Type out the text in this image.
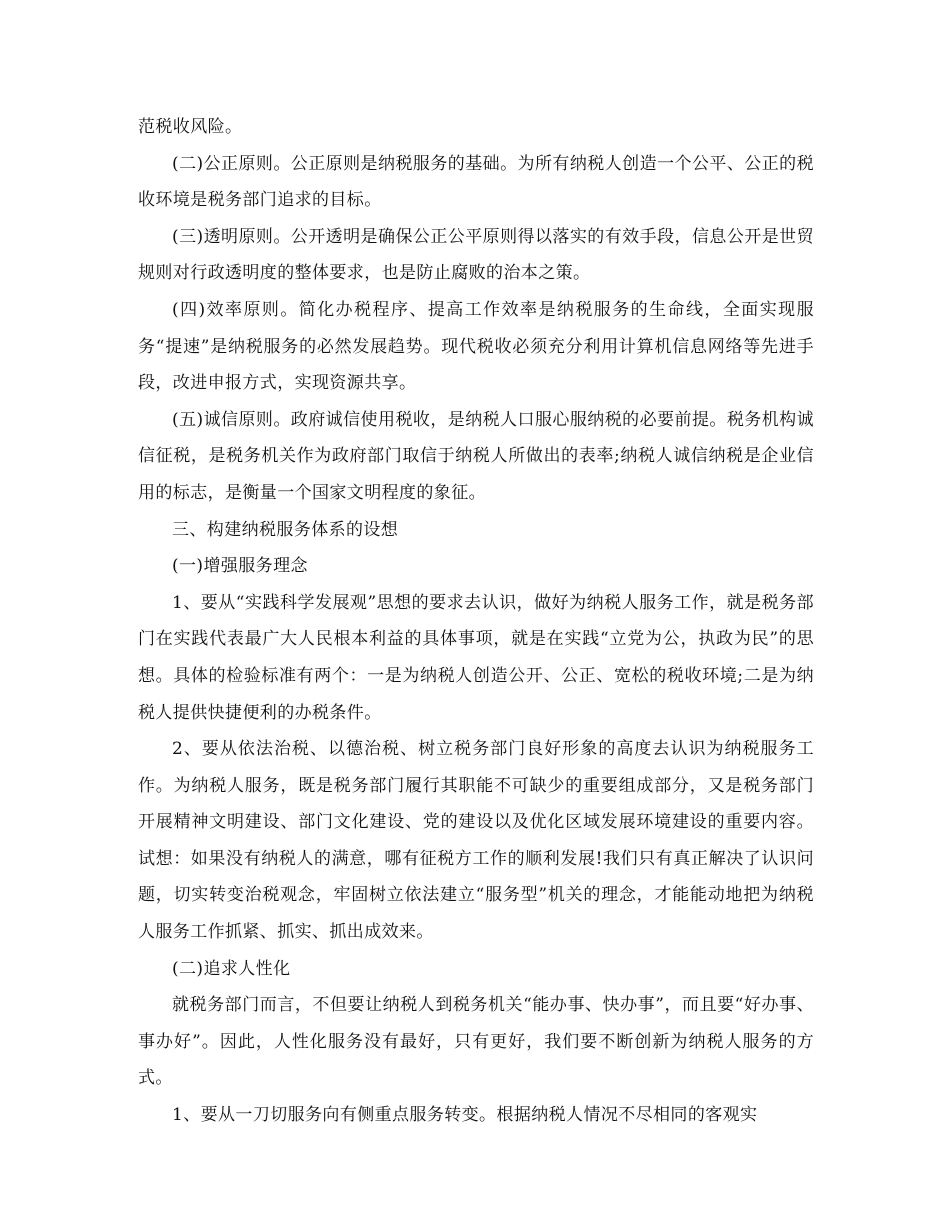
范税收风险。

(二)公正原则。公正原则是纳税服务的基础。为所有纳税人创造一个公平、公正的税收环境是税务部门追求的目标。

(三)透明原则。公开透明是确保公正公平原则得以落实的有效手段，信息公开是世贸规则对行政透明度的整体要求，也是防止腐败的治本之策。

(四)效率原则。简化办税程序、提高工作效率是纳税服务的生命线，全面实现服务“提速”是纳税服务的必然发展趋势。现代税收必须充分利用计算机信息网络等先进手段，改进申报方式，实现资源共享。

(五)诚信原则。政府诚信使用税收，是纳税人口服心服纳税的必要前提。税务机构诚信征税，是税务机关作为政府部门取信于纳税人所做出的表率;纳税人诚信纳税是企业信用的标志，是衡量一个国家文明程度的象征。

三、构建纳税服务体系的设想

(一)增强服务理念

1、要从“实践科学发展观”思想的要求去认识，做好为纳税人服务工作，就是税务部门在实践代表最广大人民根本利益的具体事项，就是在实践“立党为公，执政为民”的思想。具体的检验标准有两个：一是为纳税人创造公开、公正、宽松的税收环境;二是为纳税人提供快捷便利的办税条件。

2、要从依法治税、以德治税、树立税务部门良好形象的高度去认识为纳税服务工作。为纳税人服务，既是税务部门履行其职能不可缺少的重要组成部分，又是税务部门开展精神文明建设、部门文化建设、党的建设以及优化区域发展环境建设的重要内容。试想：如果没有纳税人的满意，哪有征税方工作的顺利发展!我们只有真正解决了认识问题，切实转变治税观念，牢固树立依法建立“服务型”机关的理念，才能能动地把为纳税人服务工作抓紧、抓实、抓出成效来。

(二)追求人性化

就税务部门而言，不但要让纳税人到税务机关“能办事、快办事”，而且要“好办事、事办好”。因此，人性化服务没有最好，只有更好，我们要不断创新为纳税人服务的方式。

1、要从一刀切服务向有侧重点服务转变。根据纳税人情况不尽相同的客观实
